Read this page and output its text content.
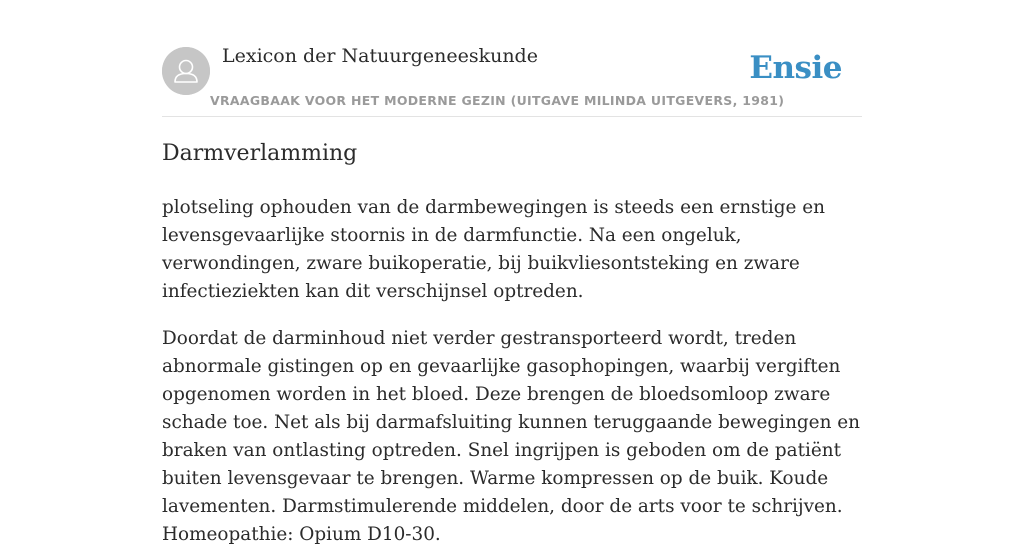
Lexicon der Natuurgeneeskunde
VRAAGBAAK VOOR HET MODERNE GEZIN (UITGAVE MILINDA UITGEVERS, 1981)
Ensie
Darmverlamming

plotseling ophouden van de darmbewegingen is steeds een ernstige en levensgevaarlijke stoornis in de darmfunctie. Na een ongeluk, verwondingen, zware buikoperatie, bij buikvliesontsteking en zware infectieziekten kan dit verschijnsel optreden.

Doordat de darminhoud niet verder gestransporteerd wordt, treden abnormale gistingen op en gevaarlijke gasophopingen, waarbij vergiften opgenomen worden in het bloed. Deze brengen de bloedsomloop zware schade toe. Net als bij darmafsluiting kunnen teruggaande bewegingen en braken van ontlasting optreden. Snel ingrijpen is geboden om de patiënt buiten levensgevaar te brengen. Warme kompressen op de buik. Koude lavementen. Darmstimulerende middelen, door de arts voor te schrijven. Homeopathie: Opium D10-30.
